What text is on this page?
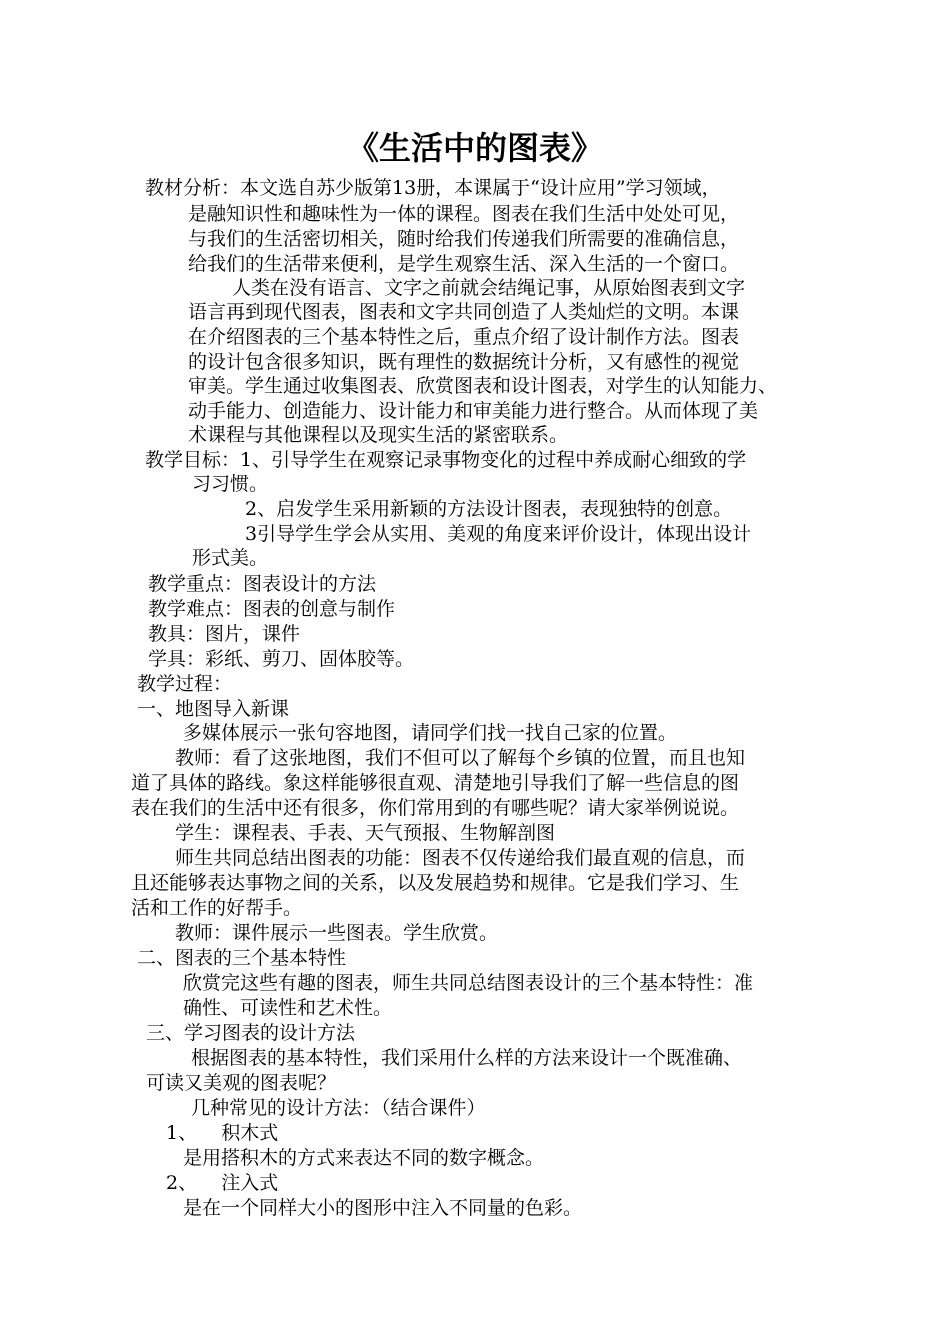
《生活中的图表》
教材分析：本文选自苏少版第13册，本课属于“设计应用”学习领域，
是融知识性和趣味性为一体的课程。图表在我们生活中处处可见，
与我们的生活密切相关，随时给我们传递我们所需要的准确信息，
给我们的生活带来便利，是学生观察生活、深入生活的一个窗口。
人类在没有语言、文字之前就会结绳记事，从原始图表到文字
语言再到现代图表，图表和文字共同创造了人类灿烂的文明。本课
在介绍图表的三个基本特性之后，重点介绍了设计制作方法。图表
的设计包含很多知识，既有理性的数据统计分析，又有感性的视觉
审美。学生通过收集图表、欣赏图表和设计图表，对学生的认知能力、
动手能力、创造能力、设计能力和审美能力进行整合。从而体现了美
术课程与其他课程以及现实生活的紧密联系。
教学目标：1、引导学生在观察记录事物变化的过程中养成耐心细致的学
习习惯。
2、启发学生采用新颖的方法设计图表，表现独特的创意。
3引导学生学会从实用、美观的角度来评价设计，体现出设计
形式美。
教学重点：图表设计的方法
教学难点：图表的创意与制作
教具：图片，课件
学具：彩纸、剪刀、固体胶等。
教学过程：
一、地图导入新课
多媒体展示一张句容地图，请同学们找一找自己家的位置。
教师：看了这张地图，我们不但可以了解每个乡镇的位置，而且也知
道了具体的路线。象这样能够很直观、清楚地引导我们了解一些信息的图
表在我们的生活中还有很多，你们常用到的有哪些呢？请大家举例说说。
学生：课程表、手表、天气预报、生物解剖图
师生共同总结出图表的功能：图表不仅传递给我们最直观的信息，而
且还能够表达事物之间的关系，以及发展趋势和规律。它是我们学习、生
活和工作的好帮手。
教师：课件展示一些图表。学生欣赏。
二、图表的三个基本特性
欣赏完这些有趣的图表，师生共同总结图表设计的三个基本特性：准
确性、可读性和艺术性。
三、学习图表的设计方法
根据图表的基本特性，我们采用什么样的方法来设计一个既准确、
可读又美观的图表呢？
几种常见的设计方法：（结合课件）
1、    积木式
是用搭积木的方式来表达不同的数字概念。
2、    注入式
是在一个同样大小的图形中注入不同量的色彩。
